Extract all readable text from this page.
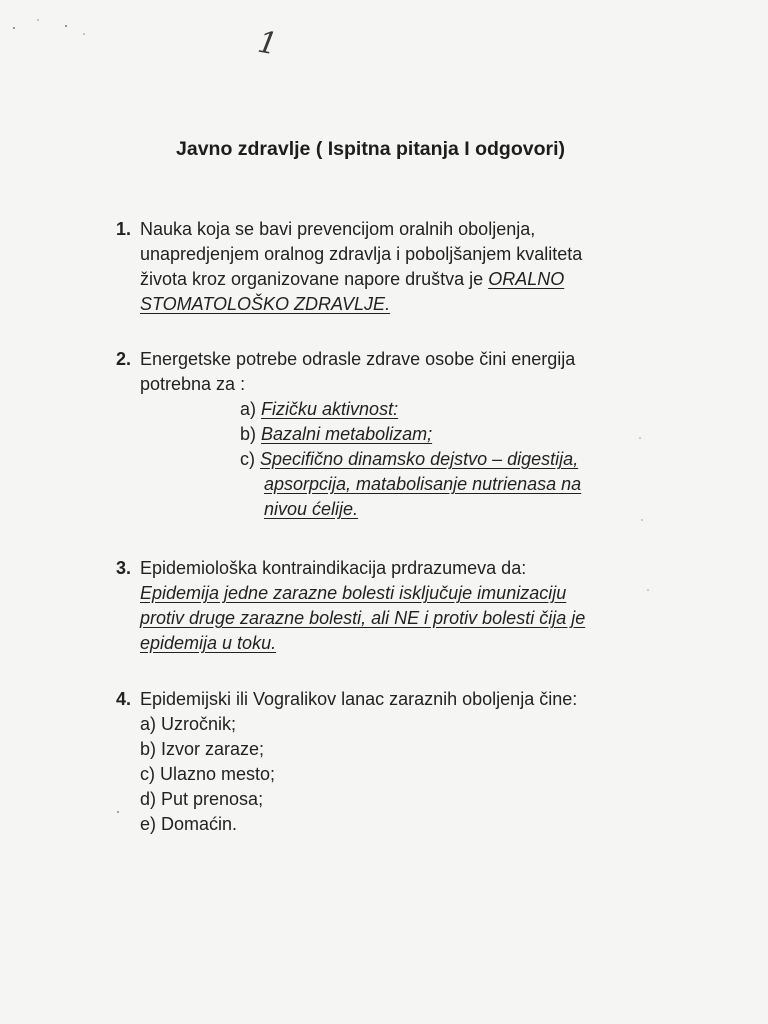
1
Javno zdravlje ( Ispitna pitanja I odgovori)
1. Nauka koja se bavi prevencijom oralnih oboljenja,
unapredjenjem oralnog zdravlja i poboljšanjem kvaliteta
života kroz organizovane napore društva je ORALNO
STOMATOLOŠKO ZDRAVLJE.
2. Energetske potrebe odrasle zdrave osobe čini energija
potrebna za :
a) Fizičku aktivnost:
b) Bazalni metabolizam;
c) Specifično dinamsko dejstvo – digestija,
apsorpcija, matabolisanje nutrienasa na
nivou ćelije.
3. Epidemiološka kontraindikacija prdrazumeva da:
Epidemija jedne zarazne bolesti isključuje imunizaciju
protiv druge zarazne bolesti, ali NE i protiv bolesti čija je
epidemija u toku.
4. Epidemijski ili Vogralikov lanac zaraznih oboljenja čine:
a) Uzročnik;
b) Izvor zaraze;
c) Ulazno mesto;
d) Put prenosa;
e) Domaćin.
